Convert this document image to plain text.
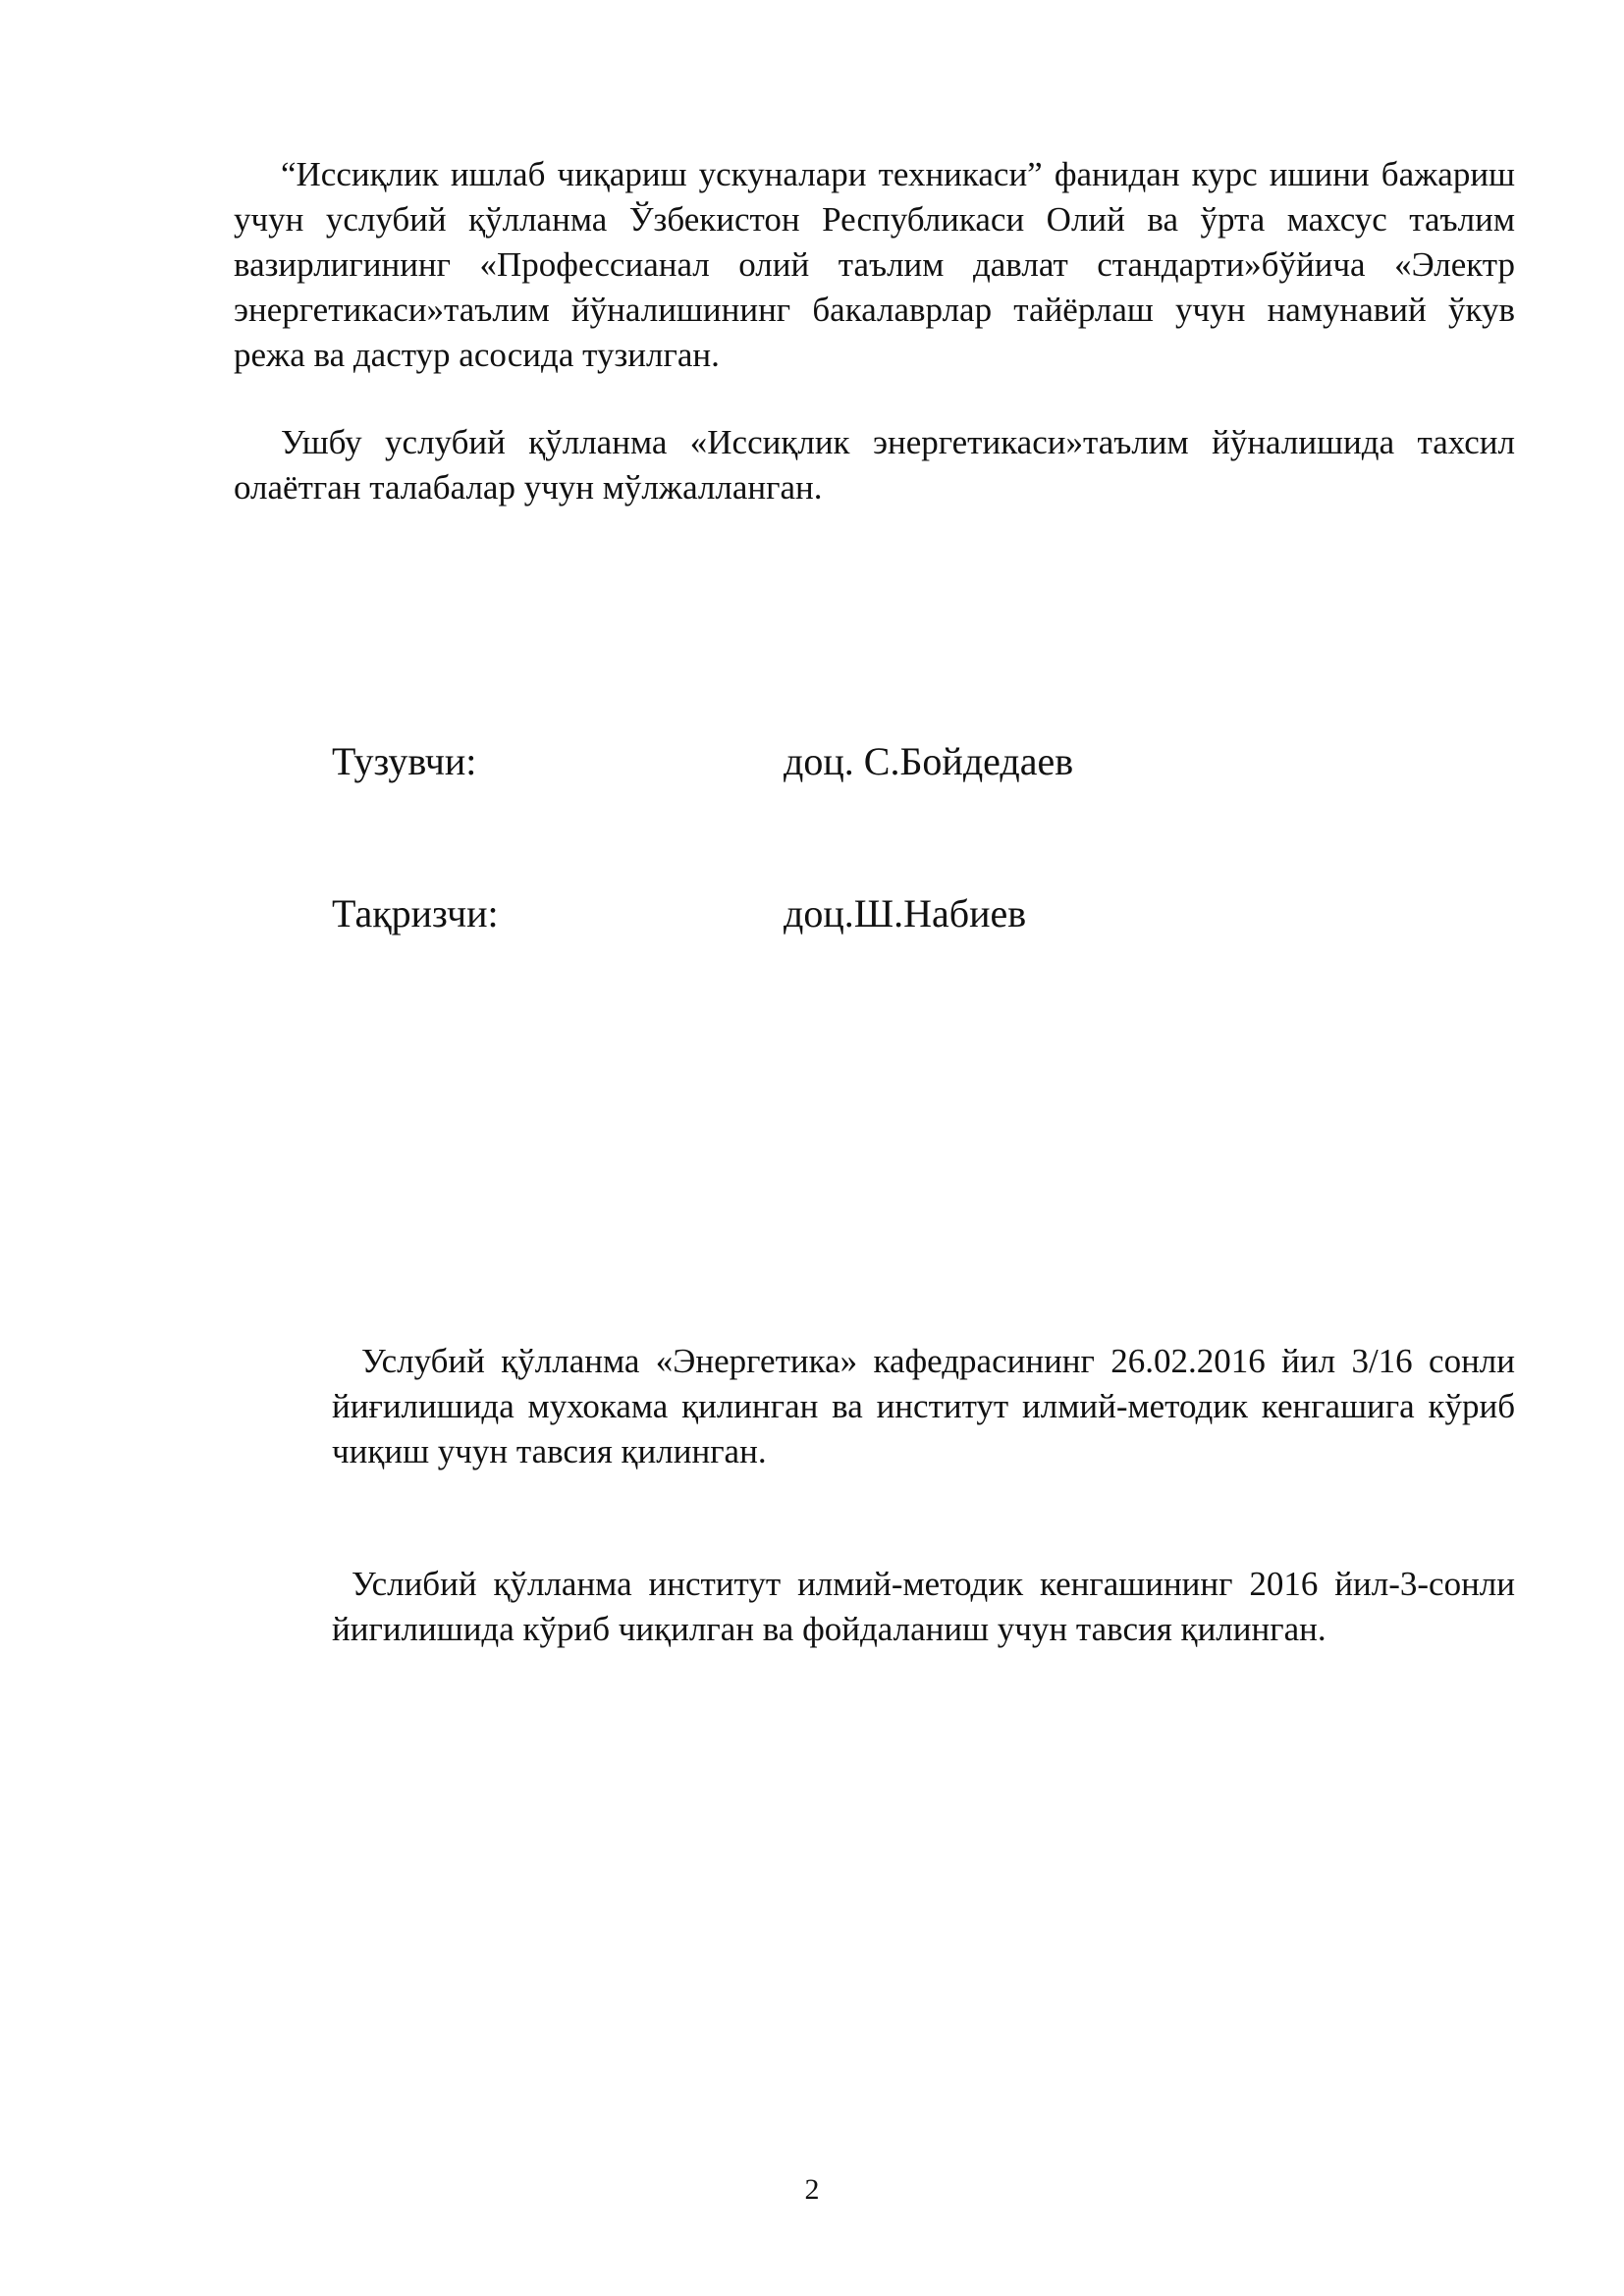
“Иссиқлик ишлаб чиқариш ускуналари техникаси” фанидан курс ишини бажариш учун услубий қўлланма Ўзбекистон Республикаси Олий ва ўрта махсус таълим вазирлигининг «Професcианал олий таълим давлат стандарти»бўйича «Электр энергетикаси»таълим йўналишининг бакалаврлар тайёрлаш учун намунавий ўкув режа ва дастур асосида тузилган.

Ушбу услубий қўлланма «Иссиқлик энергетикаси»таълим йўналишида тахсил олаётган талабалар учун мўлжалланган.

Тузувчи:	доц. С.Бойдедаев
Тақризчи:	доц.Ш.Набиев

Услубий қўлланма «Энергетика» кафедрасининг 26.02.2016 йил 3/16 сонли йиғилишида мухокама қилинган ва институт илмий-методик кенгашига кўриб чиқиш учун тавсия қилинган.

Услибий қўлланма институт илмий-методик кенгашининг 2016 йил-3-сонли йигилишида кўриб чиқилган ва фойдаланиш учун тавсия қилинган.

2
